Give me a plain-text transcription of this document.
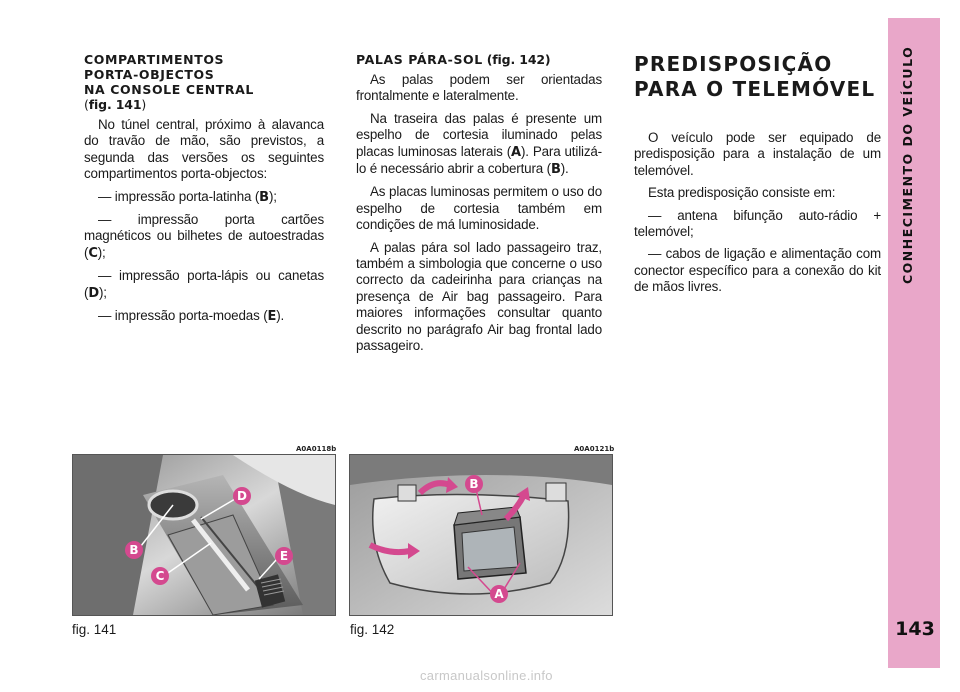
CONHECIMENTO DO VEÍCULO
143
COMPARTIMENTOS
PORTA-OBJECTOS
NA CONSOLE CENTRAL
(fig. 141)

No túnel central, próximo à alavanca do travão de mão, são previstos, a segunda das versões os seguintes compartimentos porta-objectos:

— impressão porta-latinha (B);

— impressão porta cartões magnéticos ou bilhetes de autoestradas (C);

— impressão porta-lápis ou canetas (D);

— impressão porta-moedas (E).

PALAS PÁRA-SOL (fig. 142)

As palas podem ser orientadas frontalmente e lateralmente.

Na traseira das palas é presente um espelho de cortesia iluminado pelas placas luminosas laterais (A). Para utilizá-lo é necessário abrir a cobertura (B).

As placas luminosas permitem o uso do espelho de cortesia também em condições de má luminosidade.

A palas pára sol lado passageiro traz, também a simbologia que concerne o uso correcto da cadeirinha para crianças na presença de Air bag passageiro. Para maiores informações consultar quanto descrito no parágrafo Air bag frontal lado passageiro.

PREDISPOSIÇÃO
PARA O TELEMÓVEL

O veículo pode ser equipado de predisposição para a instalação de um telemóvel.

Esta predisposição consiste em:

— antena bifunção auto-rádio + telemóvel;

— cabos de ligação e alimentação com conector específico para a conexão do kit de mãos livres.

A0A0118b
B
C
D
E
fig. 141
A0A0121b
A
B
fig. 142
carmanualsonline.info
